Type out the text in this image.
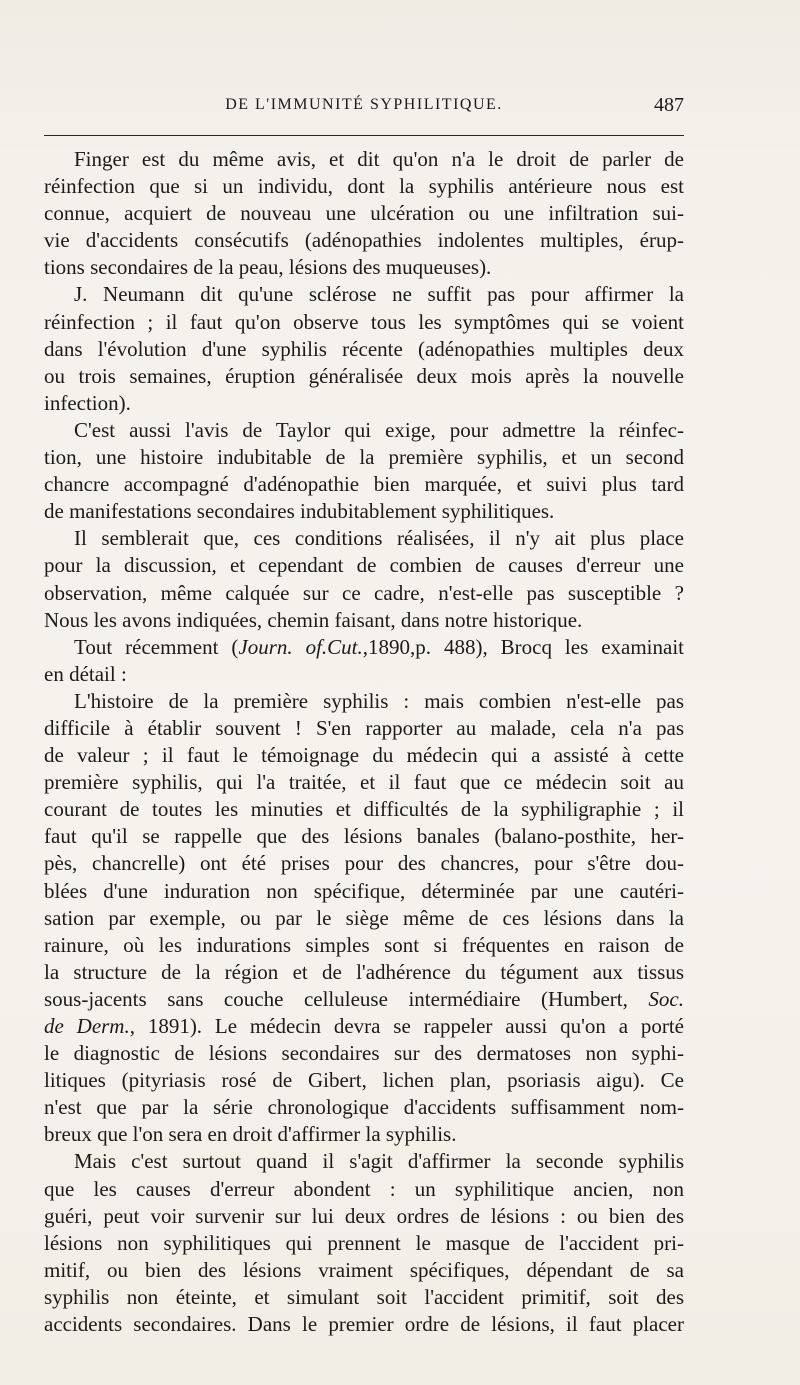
DE L'IMMUNITÉ SYPHILITIQUE.	487
Finger est du même avis, et dit qu'on n'a le droit de parler de
réinfection que si un individu, dont la syphilis antérieure nous est
connue, acquiert de nouveau une ulcération ou une infiltration sui-
vie d'accidents consécutifs (adénopathies indolentes multiples, érup-
tions secondaires de la peau, lésions des muqueuses).
J. Neumann dit qu'une sclérose ne suffit pas pour affirmer la
réinfection ; il faut qu'on observe tous les symptômes qui se voient
dans l'évolution d'une syphilis récente (adénopathies multiples deux
ou trois semaines, éruption généralisée deux mois après la nouvelle
infection).
C'est aussi l'avis de Taylor qui exige, pour admettre la réinfec-
tion, une histoire indubitable de la première syphilis, et un second
chancre accompagné d'adénopathie bien marquée, et suivi plus tard
de manifestations secondaires indubitablement syphilitiques.
Il semblerait que, ces conditions réalisées, il n'y ait plus place
pour la discussion, et cependant de combien de causes d'erreur une
observation, même calquée sur ce cadre, n'est-elle pas susceptible ?
Nous les avons indiquées, chemin faisant, dans notre historique.
Tout récemment (Journ. of.Cut.,1890,p. 488), Brocq les examinait
en détail :
L'histoire de la première syphilis : mais combien n'est-elle pas
difficile à établir souvent ! S'en rapporter au malade, cela n'a pas
de valeur ; il faut le témoignage du médecin qui a assisté à cette
première syphilis, qui l'a traitée, et il faut que ce médecin soit au
courant de toutes les minuties et difficultés de la syphiligraphie ; il
faut qu'il se rappelle que des lésions banales (balano-posthite, her-
pès, chancrelle) ont été prises pour des chancres, pour s'être dou-
blées d'une induration non spécifique, déterminée par une cautéri-
sation par exemple, ou par le siège même de ces lésions dans la
rainure, où les indurations simples sont si fréquentes en raison de
la structure de la région et de l'adhérence du tégument aux tissus
sous-jacents sans couche celluleuse intermédiaire (Humbert, Soc.
de Derm., 1891). Le médecin devra se rappeler aussi qu'on a porté
le diagnostic de lésions secondaires sur des dermatoses non syphi-
litiques (pityriasis rosé de Gibert, lichen plan, psoriasis aigu). Ce
n'est que par la série chronologique d'accidents suffisamment nom-
breux que l'on sera en droit d'affirmer la syphilis.
Mais c'est surtout quand il s'agit d'affirmer la seconde syphilis
que les causes d'erreur abondent : un syphilitique ancien, non
guéri, peut voir survenir sur lui deux ordres de lésions : ou bien des
lésions non syphilitiques qui prennent le masque de l'accident pri-
mitif, ou bien des lésions vraiment spécifiques, dépendant de sa
syphilis non éteinte, et simulant soit l'accident primitif, soit des
accidents secondaires. Dans le premier ordre de lésions, il faut placer
